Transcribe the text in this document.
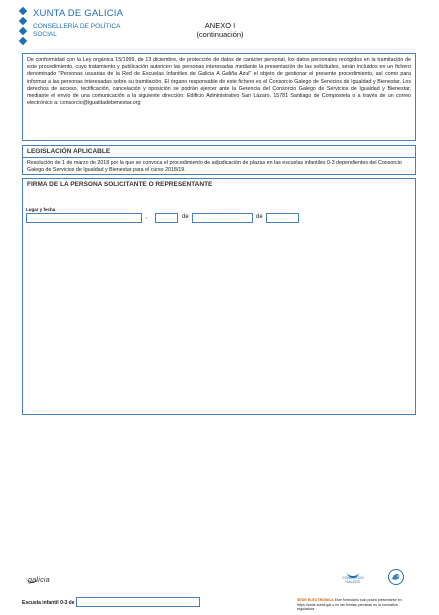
XUNTA DE GALICIA
CONSELLERÍA DE POLÍTICA
SOCIAL
ANEXO I
(continuación)
De conformidad con la Ley orgánica 15/1999, de 13 diciembre, de protección de datos de carácter personal, los datos personales recogidos en la tramitación de este procedimiento, cuyo tratamiento y publicación autoricen las personas interesadas mediante la presentación de las solicitudes, serán incluidos en un fichero denominado "Personas usuarias de la Red de Escuelas Infantiles de Galicia A Galiña Azul" el objeto de gestionar el presente procedimiento, así como para informar a las personas interesadas sobre su tramitación. El órgano responsable de este fichero es el Consorcio Galego de Servicios de Igualdad y Bienestar. Los derechos de acceso, rectificación, cancelación y oposición se podrán ejercer ante la Gerencia del Consorcio Galego de Servicios de Igualdad y Bienestar, mediante el envío de una comunicación a la siguiente dirección: Edificio Administrativo San Lázaro, 15781 Santiago de Compostela o a través de un correo electrónico a: consorcio@igualdadebenestar.org
LEGISLACIÓN APLICABLE
Resolución de 1 de marzo de 2018 por la que se convoca el procedimiento de adjudicación de plazas en las escuelas infantiles 0-3 dependientes del Consorcio Galego de Servicios de Igualdad y Bienestar para el curso 2018/19.
FIRMA DE LA PERSONA SOLICITANTE O REPRESENTANTE
Lugar y fecha
,	de	de
galicia	CONSORCIO
GALEGO
Escuela infantil 0-3 de	SEDE ELECTRÓNICA Este formulario sólo podrá presentarse en https://sede.xunta.gal o en las formas previstas en la normativa reguladora
